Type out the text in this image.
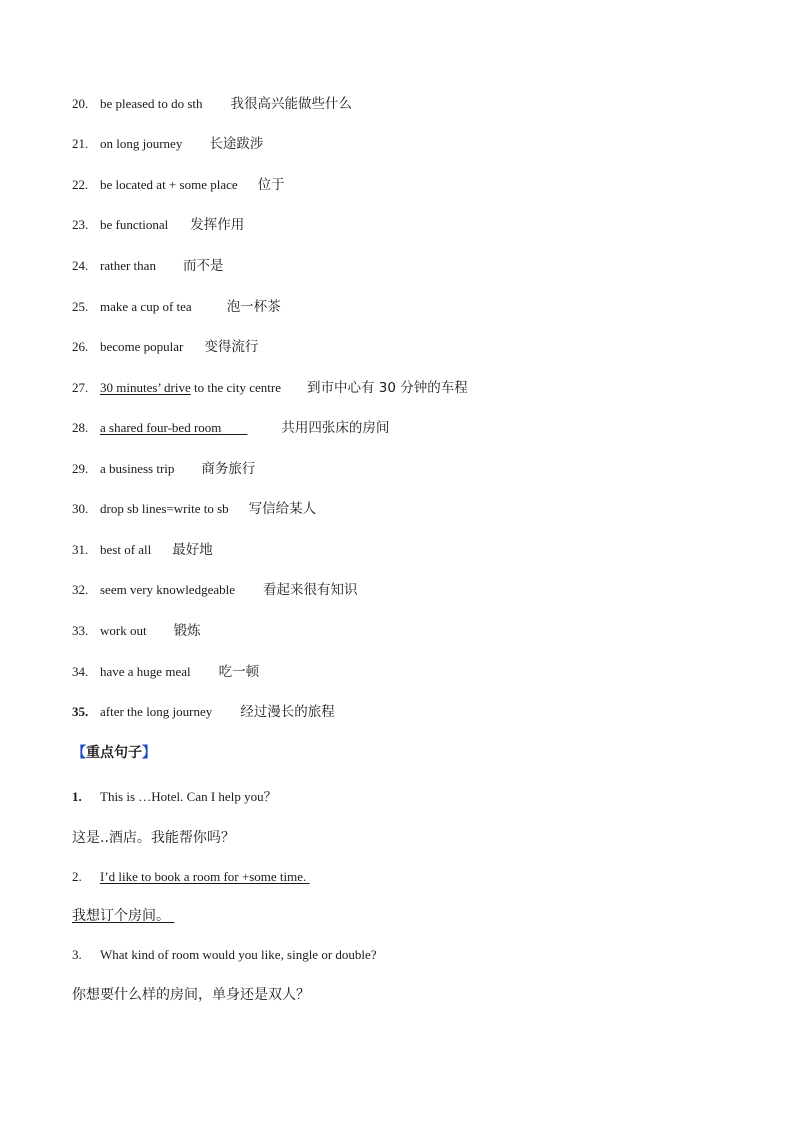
20. be pleased to do sth 我很高兴能做些什么
21. on long journey 长途跋涉
22. be located at + some place 位于
23. be functional 发挥作用
24. rather than 而不是
25. make a cup of tea	泡一杯茶
26. become popular 变得流行
27. 30 minutes’ drive to the city centre 到市中心有 30 分钟的车程
28. a shared four-bed room	共用四张床的房间
29. a business trip 商务旅行
30. drop sb lines=write to sb 写信给某人
31. best of all 最好地
32. seem very knowledgeable 看起来很有知识
33. work out 锻炼
34. have a huge meal 吃一顿
35. after the long journey 经过漫长的旅程
【重点句子】
1. This is …Hotel. Can I help you？
这是..酒店。我能帮你吗？
2. I’d like to book a room for +some time.
我想订个房间。
3. What kind of room would you like, single or double?
你想要什么样的房间，单身还是双人？
